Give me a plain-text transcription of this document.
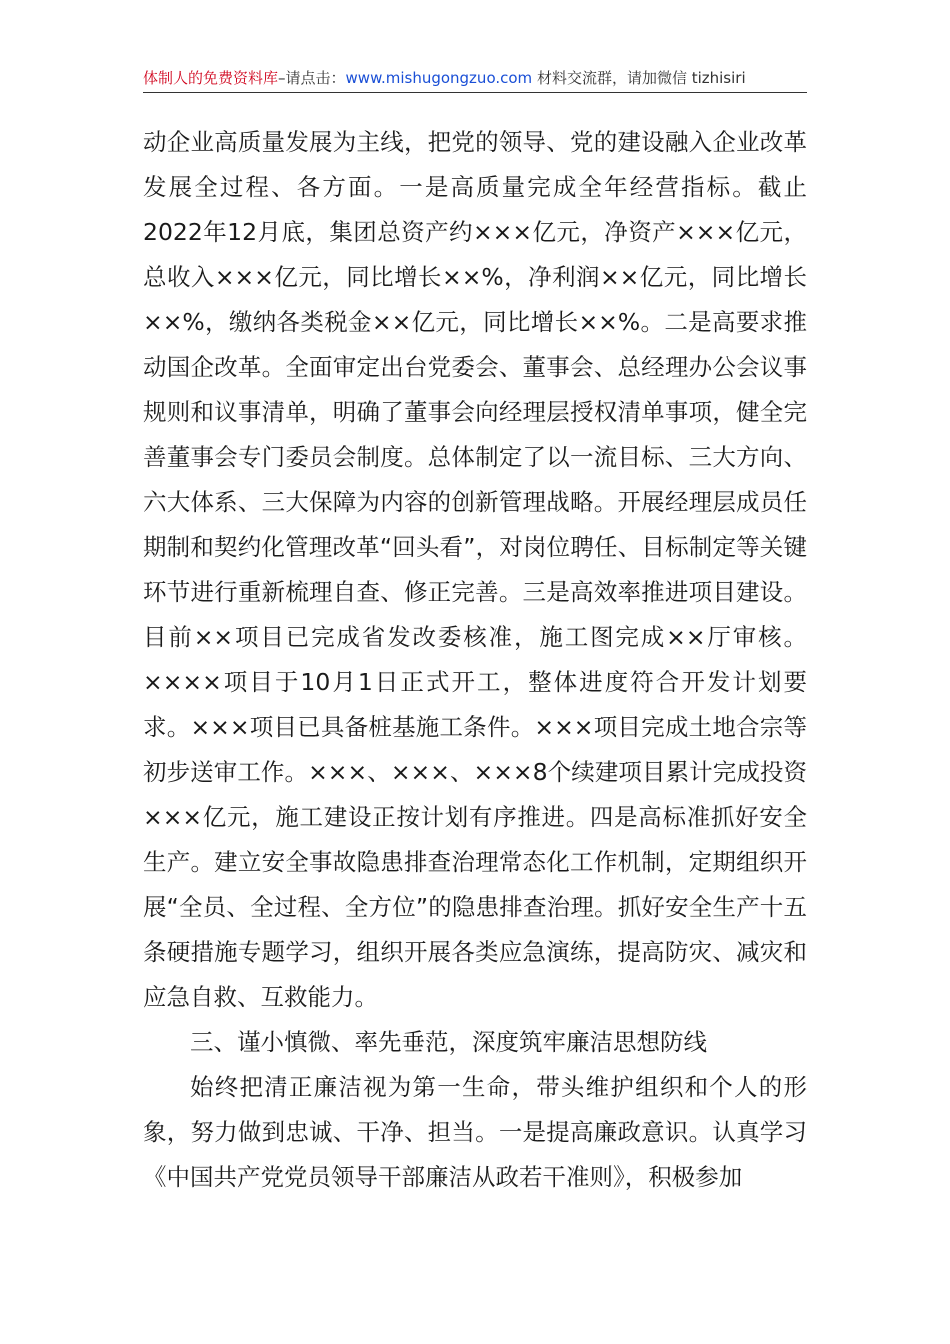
体制人的免费资料库–请点击：www.mishugongzuo.com 材料交流群，请加微信 tizhisiri

动企业高质量发展为主线，把党的领导、党的建设融入企业改革发展全过程、各方面。一是高质量完成全年经营指标。截止2022年12月底，集团总资产约×××亿元，净资产×××亿元，总收入×××亿元，同比增长××%，净利润××亿元，同比增长××%，缴纳各类税金××亿元，同比增长××%。二是高要求推动国企改革。全面审定出台党委会、董事会、总经理办公会议事规则和议事清单，明确了董事会向经理层授权清单事项，健全完善董事会专门委员会制度。总体制定了以一流目标、三大方向、六大体系、三大保障为内容的创新管理战略。开展经理层成员任期制和契约化管理改革“回头看”，对岗位聘任、目标制定等关键环节进行重新梳理自查、修正完善。三是高效率推进项目建设。目前××项目已完成省发改委核准，施工图完成××厅审核。××××项目于10月1日正式开工，整体进度符合开发计划要求。×××项目已具备桩基施工条件。×××项目完成土地合宗等初步送审工作。×××、×××、×××8个续建项目累计完成投资×××亿元，施工建设正按计划有序推进。四是高标准抓好安全生产。建立安全事故隐患排查治理常态化工作机制，定期组织开展“全员、全过程、全方位”的隐患排查治理。抓好安全生产十五条硬措施专题学习，组织开展各类应急演练，提高防灾、减灾和应急自救、互救能力。

三、谨小慎微、率先垂范，深度筑牢廉洁思想防线

始终把清正廉洁视为第一生命，带头维护组织和个人的形象，努力做到忠诚、干净、担当。一是提高廉政意识。认真学习《中国共产党党员领导干部廉洁从政若干准则》，积极参加
